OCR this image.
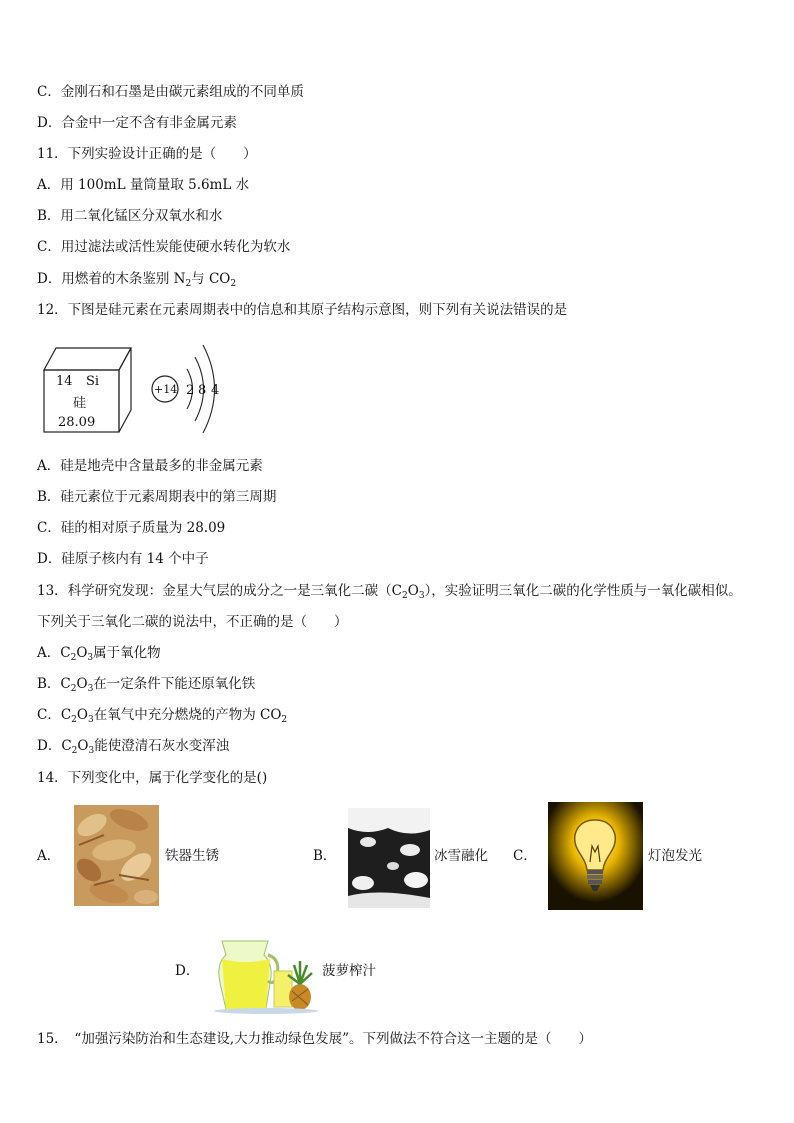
C．金刚石和石墨是由碳元素组成的不同单质
D．合金中一定不含有非金属元素
11．下列实验设计正确的是（　　）
A．用 100mL 量筒量取 5.6mL 水
B．用二氧化锰区分双氧水和水
C．用过滤法或活性炭能使硬水转化为软水
D．用燃着的木条鉴别 $N_2$与 $CO_2$
12．下图是硅元素在元素周期表中的信息和其原子结构示意图，则下列有关说法错误的是
14 Si
硅
28.09
+14 2 8 4
A．硅是地壳中含量最多的非金属元素
B．硅元素位于元素周期表中的第三周期
C．硅的相对原子质量为 28.09
D．硅原子核内有 14 个中子
13．科学研究发现：金星大气层的成分之一是三氧化二碳$(C_2O_3)$，实验证明三氧化二碳的化学性质与一氧化碳相似。
下列关于三氧化二碳的说法中，不正确的是（　　）
A．$C_2O_3$属于氧化物
B．$C_2O_3$在一定条件下能还原氧化铁
C．$C_2O_3$在氧气中充分燃烧的产物为 $CO_2$
D．$C_2O_3$能使澄清石灰水变浑浊
14．下列变化中，属于化学变化的是()
A．	铁器生锈	B．	冰雪融化 C．	灯泡发光
D．	菠萝榨汁
15．　“加强污染防治和生态建设,大力推动绿色发展”。下列做法不符合这一主题的是（　　）
